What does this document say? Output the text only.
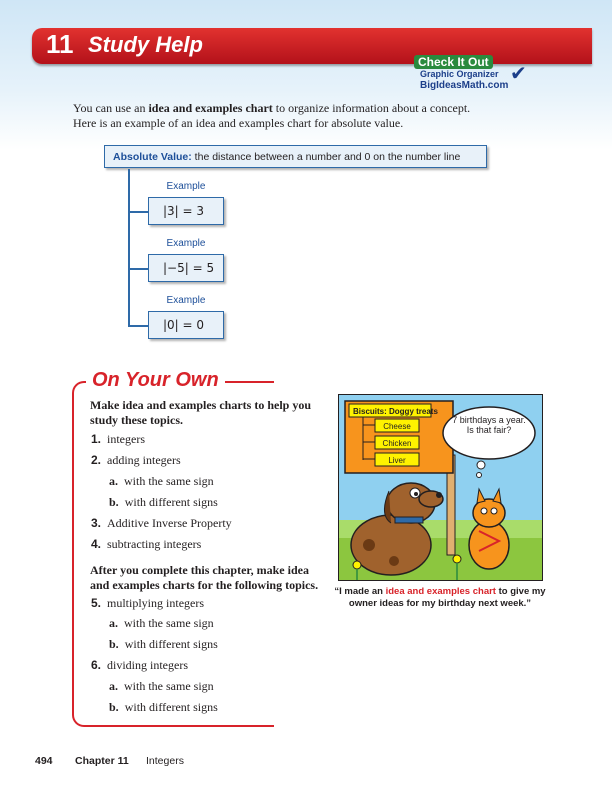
11 Study Help
Check It Out
Graphic Organizer
BigIdeasMath.com
✔
You can use an idea and examples chart to organize information about a concept.
Here is an example of an idea and examples chart for absolute value.
Absolute Value: the distance between a number and 0 on the number line
Example
|3| = 3
Example
|−5| = 5
Example
|0| = 0
On Your Own
Make idea and examples charts to help you study these topics.
1. integers
2. adding integers
a. with the same sign
b. with different signs
3. Additive Inverse Property
4. subtracting integers
After you complete this chapter, make idea and examples charts for the following topics.
5. multiplying integers
a. with the same sign
b. with different signs
6. dividing integers
a. with the same sign
b. with different signs
Biscuits: Doggy treats
Cheese
Chicken
Liver
7 birthdays a year. Is that fair?
“I made an idea and examples chart to give my owner ideas for my birthday next week.”
494 Chapter 11 Integers
